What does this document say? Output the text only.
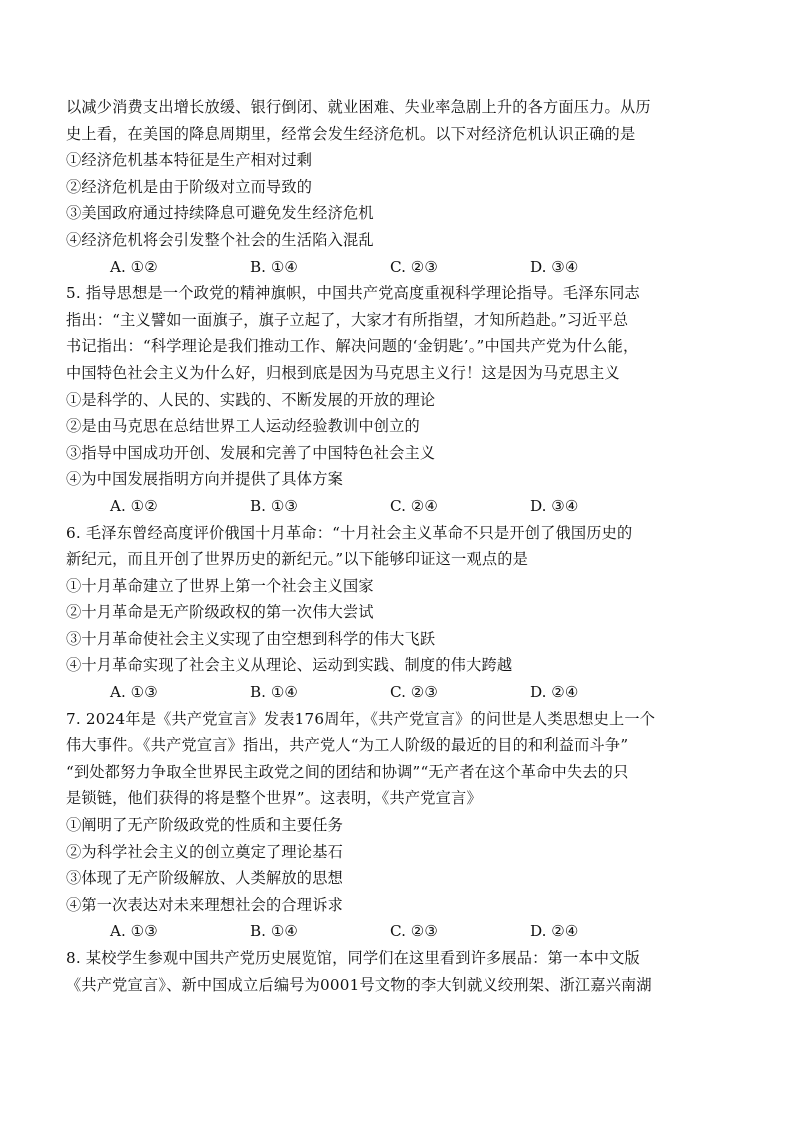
以减少消费支出增长放缓、银行倒闭、就业困难、失业率急剧上升的各方面压力。从历
史上看，在美国的降息周期里，经常会发生经济危机。以下对经济危机认识正确的是
①经济危机基本特征是生产相对过剩
②经济危机是由于阶级对立而导致的
③美国政府通过持续降息可避免发生经济危机
④经济危机将会引发整个社会的生活陷入混乱
A. ①②	B. ①④	C. ②③	D. ③④
5. 指导思想是一个政党的精神旗帜，中国共产党高度重视科学理论指导。毛泽东同志
指出：“主义譬如一面旗子，旗子立起了，大家才有所指望，才知所趋赴。”习近平总
书记指出：“科学理论是我们推动工作、解决问题的‘金钥匙’。”中国共产党为什么能，
中国特色社会主义为什么好，归根到底是因为马克思主义行！这是因为马克思主义
①是科学的、人民的、实践的、不断发展的开放的理论
②是由马克思在总结世界工人运动经验教训中创立的
③指导中国成功开创、发展和完善了中国特色社会主义
④为中国发展指明方向并提供了具体方案
A. ①②	B. ①③	C. ②④	D. ③④
6. 毛泽东曾经高度评价俄国十月革命：“十月社会主义革命不只是开创了俄国历史的
新纪元，而且开创了世界历史的新纪元。”以下能够印证这一观点的是
①十月革命建立了世界上第一个社会主义国家
②十月革命是无产阶级政权的第一次伟大尝试
③十月革命使社会主义实现了由空想到科学的伟大飞跃
④十月革命实现了社会主义从理论、运动到实践、制度的伟大跨越
A. ①③	B. ①④	C. ②③	D. ②④
7. 2024年是《共产党宣言》发表176周年，《共产党宣言》的问世是人类思想史上一个
伟大事件。《共产党宣言》指出，共产党人“为工人阶级的最近的目的和利益而斗争”
“到处都努力争取全世界民主政党之间的团结和协调”“无产者在这个革命中失去的只
是锁链，他们获得的将是整个世界”。这表明，《共产党宣言》
①阐明了无产阶级政党的性质和主要任务
②为科学社会主义的创立奠定了理论基石
③体现了无产阶级解放、人类解放的思想
④第一次表达对未来理想社会的合理诉求
A. ①③	B. ①④	C. ②③	D. ②④
8. 某校学生参观中国共产党历史展览馆，同学们在这里看到许多展品：第一本中文版
《共产党宣言》、新中国成立后编号为0001号文物的李大钊就义绞刑架、浙江嘉兴南湖
